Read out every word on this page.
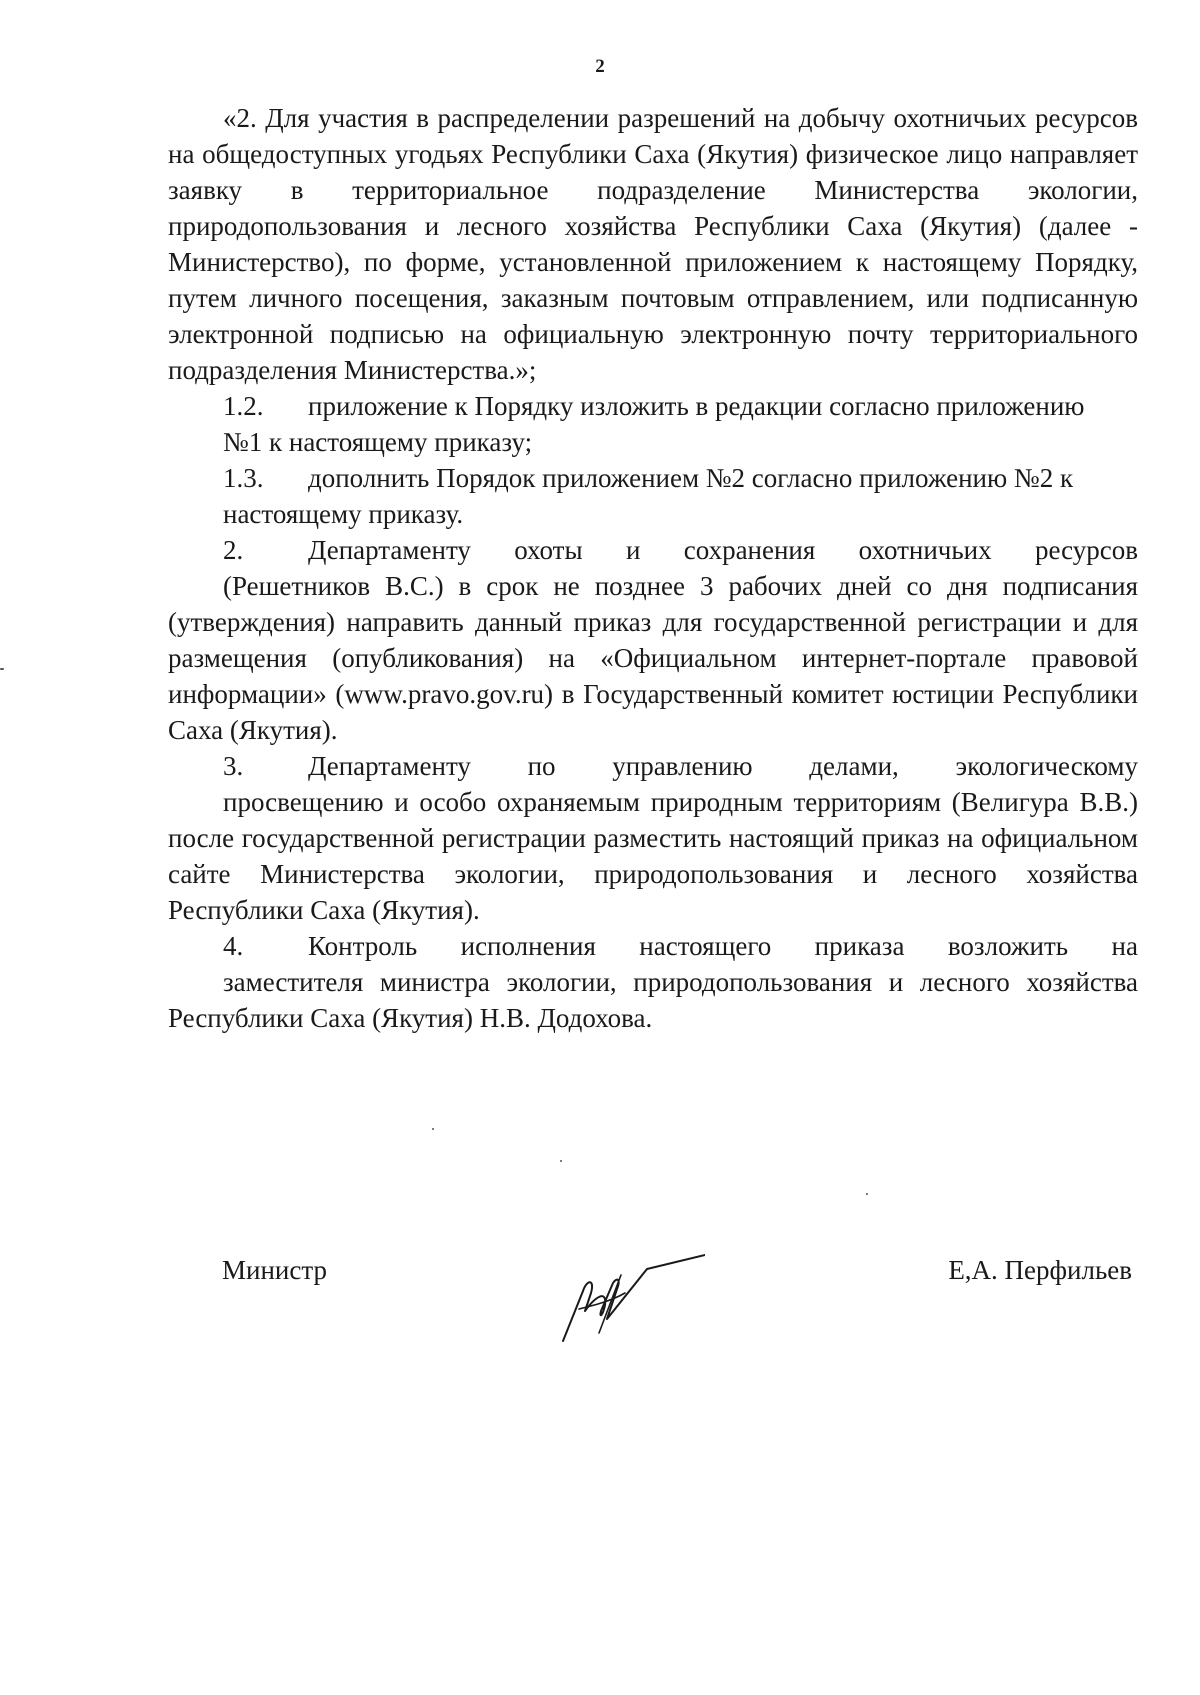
2

«2. Для участия в распределении разрешений на добычу охотничьих ресурсов на общедоступных угодьях Республики Саха (Якутия) физическое лицо направляет заявку в территориальное подразделение Министерства экологии, природопользования и лесного хозяйства Республики Саха (Якутия) (далее - Министерство), по форме, установленной приложением к настоящему Порядку, путем личного посещения, заказным почтовым отправлением, или подписанную электронной подписью на официальную электронную почту территориального подразделения Министерства.»;

1.2.	приложение к Порядку изложить в редакции согласно приложению

№1 к настоящему приказу;

1.3.	дополнить Порядок приложением №2 согласно приложению №2 к

настоящему приказу.

2.	Департаменту охоты и сохранения охотничьих ресурсов

(Решетников В.С.) в срок не позднее 3 рабочих дней со дня подписания (утверждения) направить данный приказ для государственной регистрации и для размещения (опубликования) на «Официальном интернет-портале правовой информации» (www.pravo.gov.ru) в Государственный комитет юстиции Республики Саха (Якутия).

3.	Департаменту по управлению делами, экологическому

просвещению и особо охраняемым природным территориям (Велигура В.В.) после государственной регистрации разместить настоящий приказ на официальном сайте Министерства экологии, природопользования и лесного хозяйства Республики Саха (Якутия).

4.	Контроль исполнения настоящего приказа возложить на

заместителя министра экологии, природопользования и лесного хозяйства Республики Саха (Якутия) Н.В. Додохова.

Министр	Е,А. Перфильев
